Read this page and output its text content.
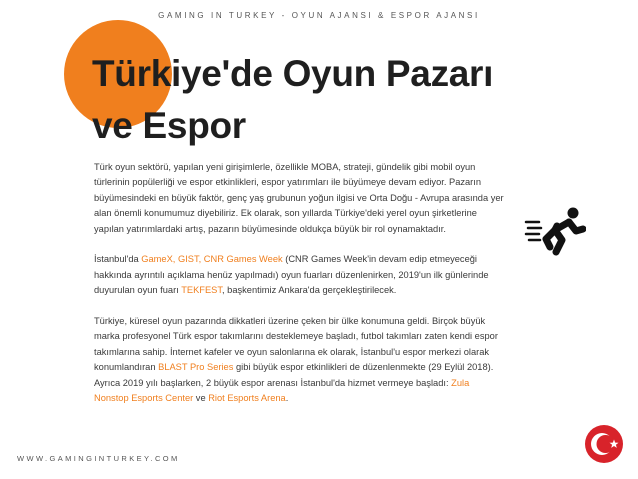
GAMING IN TURKEY - OYUN AJANSI & ESPOR AJANSI
Türkiye'de Oyun Pazarı
ve Espor

Türk oyun sektörü, yapılan yeni girişimlerle, özellikle MOBA, strateji, gündelik gibi mobil oyun türlerinin popülerliği ve espor etkinlikleri, espor yatırımları ile büyümeye devam ediyor. Pazarın büyümesindeki en büyük faktör, genç yaş grubunun yoğun ilgisi ve Orta Doğu - Avrupa arasında yer alan önemli konumumuz diyebiliriz. Ek olarak, son yıllarda Türkiye'deki yerel oyun şirketlerine yapılan yatırımlardaki artış, pazarın büyümesinde oldukça büyük bir rol oynamaktadır.

İstanbul'da GameX, GIST, CNR Games Week (CNR Games Week'in devam edip etmeyeceği hakkında ayrıntılı açıklama henüz yapılmadı) oyun fuarları düzenlenirken, 2019'un ilk günlerinde duyurulan oyun fuarı TEKFEST, başkentimiz Ankara'da gerçekleştirilecek.

Türkiye, küresel oyun pazarında dikkatleri üzerine çeken bir ülke konumuna geldi. Birçok büyük marka profesyonel Türk espor takımlarını desteklemeye başladı, futbol takımları zaten kendi espor takımlarına sahip. İnternet kafeler ve oyun salonlarına ek olarak, İstanbul'u espor merkezi olarak konumlandıran BLAST Pro Series gibi büyük espor etkinlikleri de düzenlenmekte (29 Eylül 2018). Ayrıca 2019 yılı başlarken, 2 büyük espor arenası İstanbul'da hizmet vermeye başladı: Zula Nonstop Esports Center ve Riot Esports Arena.

WWW.GAMINGINTURKEY.COM
